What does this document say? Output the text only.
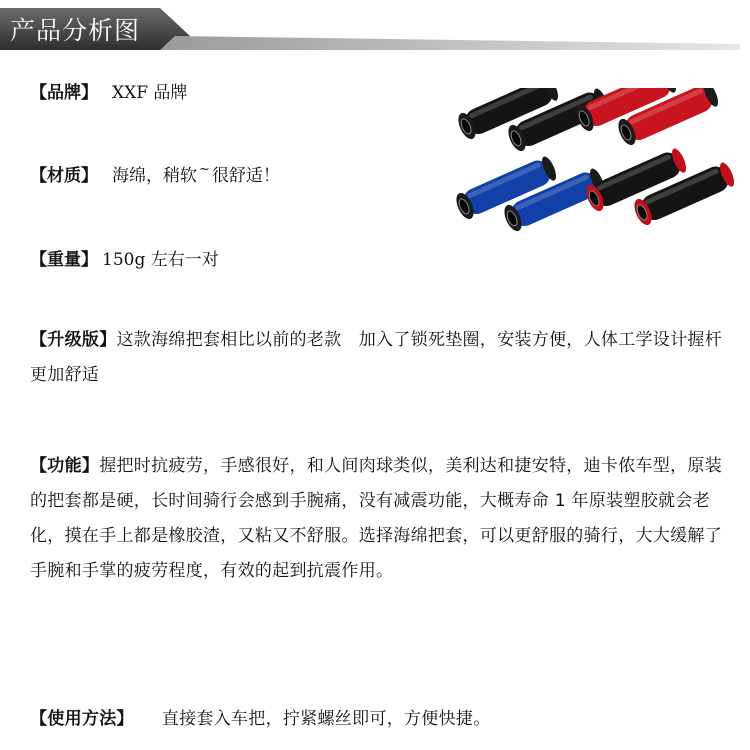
产品分析图
【品牌】 XXF 品牌
【材质】 海绵，稍软 ~ 很舒适！
【重量】 150g 左右一对
【升级版】这款海绵把套相比以前的老款　加入了锁死垫圈，安装方便，人体工学设计握杆更加舒适
【功能】握把时抗疲劳，手感很好，和人间肉球类似，美利达和捷安特，迪卡侬车型，原装的把套都是硬，长时间骑行会感到手腕痛，没有减震功能，大概寿命 1 年原装塑胶就会老化，摸在手上都是橡胶渣，又粘又不舒服。选择海绵把套，可以更舒服的骑行，大大缓解了手腕和手掌的疲劳程度，有效的起到抗震作用。
【使用方法】 直接套入车把，拧紧螺丝即可，方便快捷。
